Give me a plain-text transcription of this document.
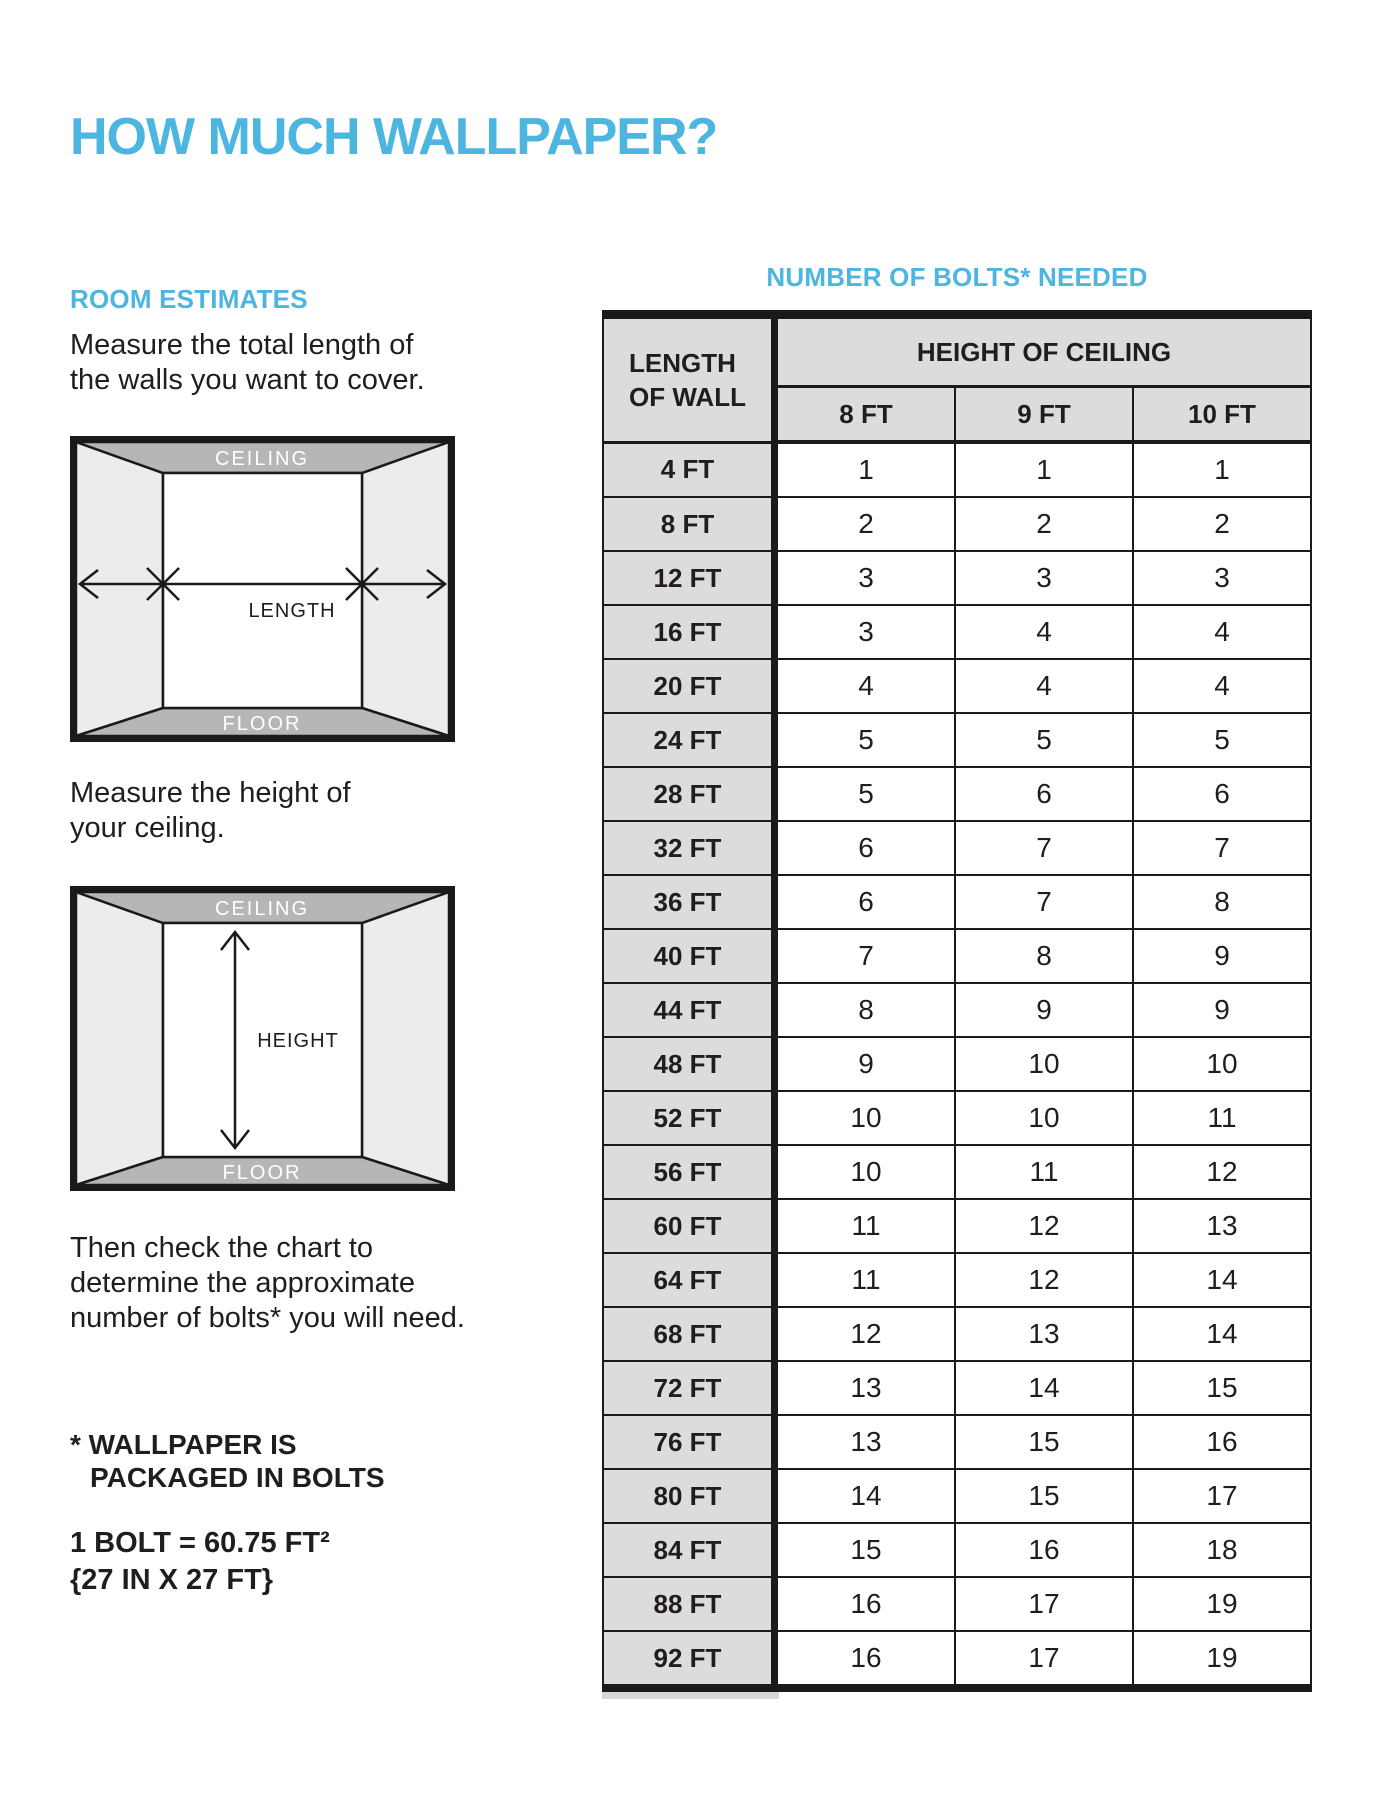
HOW MUCH WALLPAPER?
ROOM ESTIMATES
Measure the total length of
the walls you want to cover.
CEILING
LENGTH
FLOOR
Measure the height of
your ceiling.
CEILING
HEIGHT
FLOOR
Then check the chart to
determine the approximate
number of bolts* you will need.
* WALLPAPER IS
PACKAGED IN BOLTS
1 BOLT = 60.75 FT²
{27 IN X 27 FT}
NUMBER OF BOLTS* NEEDED
LENGTH
OF WALL	HEIGHT OF CEILING		
	8 FT	9 FT	10 FT
4 FT	1	1	1
8 FT	2	2	2
12 FT	3	3	3
16 FT	3	4	4
20 FT	4	4	4
24 FT	5	5	5
28 FT	5	6	6
32 FT	6	7	7
36 FT	6	7	8
40 FT	7	8	9
44 FT	8	9	9
48 FT	9	10	10
52 FT	10	10	11
56 FT	10	11	12
60 FT	11	12	13
64 FT	11	12	14
68 FT	12	13	14
72 FT	13	14	15
76 FT	13	15	16
80 FT	14	15	17
84 FT	15	16	18
88 FT	16	17	19
92 FT	16	17	19
